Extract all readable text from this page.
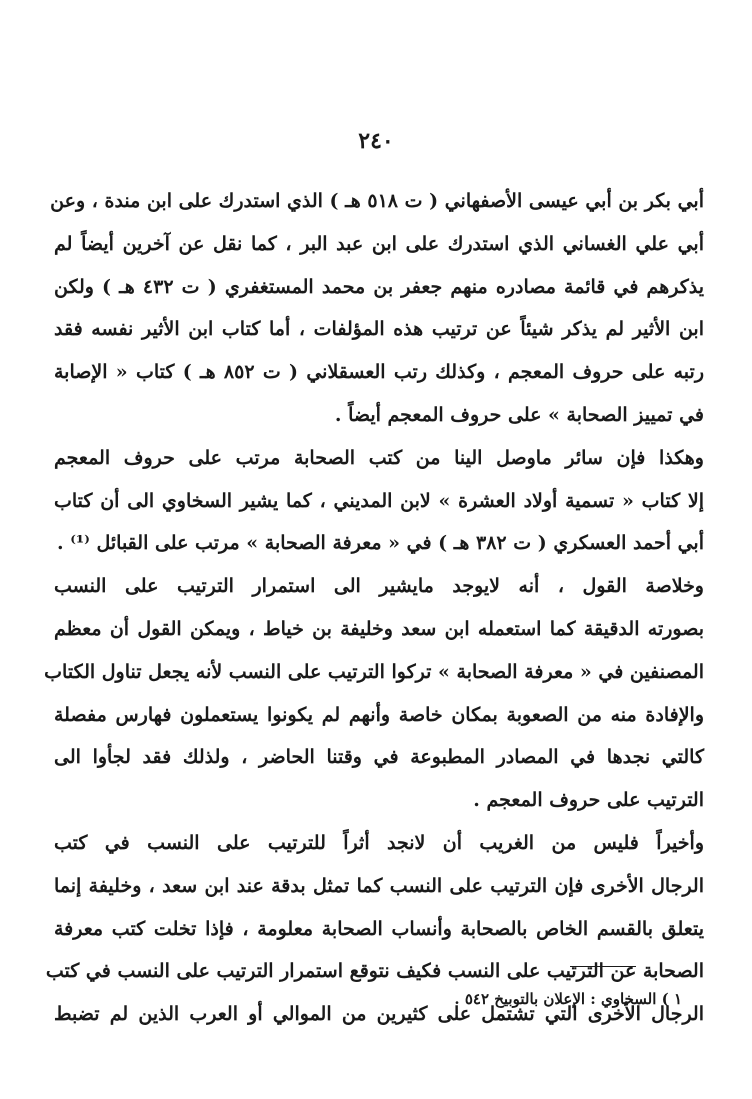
٢٤٠
أبي بكر بن أبي عيسى الأصفهاني ( ت ٥١٨ هـ ) الذي استدرك على ابن مندة ، وعن
أبي علي الغساني الذي استدرك على ابن عبد البر ، كما نقل عن آخرين أيضاً لم
يذكرهم في قائمة مصادره منهم جعفر بن محمد المستغفري ( ت ٤٣٢ هـ ) ولكن
ابن الأثير لم يذكر شيئاً عن ترتيب هذه المؤلفات ، أما كتاب ابن الأثير نفسه فقد
رتبه على حروف المعجم ، وكذلك رتب العسقلاني ( ت ٨٥٢ هـ ) كتاب « الإصابة
في تمييز الصحابة » على حروف المعجم أيضاً .
وهكذا فإن سائر ماوصل الينا من كتب الصحابة مرتب على حروف المعجم
إلا كتاب « تسمية أولاد العشرة » لابن المديني ، كما يشير السخاوي الى أن كتاب
أبي أحمد العسكري ( ت ٣٨٢ هـ ) في « معرفة الصحابة » مرتب على القبائل ⁽¹⁾ .
وخلاصة القول ، أنه لايوجد مايشير الى استمرار الترتيب على النسب
بصورته الدقيقة كما استعمله ابن سعد وخليفة بن خياط ، ويمكن القول أن معظم
المصنفين في « معرفة الصحابة » تركوا الترتيب على النسب لأنه يجعل تناول الكتاب
والإفادة منه من الصعوبة بمكان خاصة وأنهم لم يكونوا يستعملون فهارس مفصلة
كالتي نجدها في المصادر المطبوعة في وقتنا الحاضر ، ولذلك فقد لجأوا الى
الترتيب على حروف المعجم .
وأخيراً فليس من الغريب أن لانجد أثراً للترتيب على النسب في كتب
الرجال الأخرى فإن الترتيب على النسب كما تمثل بدقة عند ابن سعد ، وخليفة إنما
يتعلق بالقسم الخاص بالصحابة وأنساب الصحابة معلومة ، فإذا تخلت كتب معرفة
الصحابة عن الترتيب على النسب فكيف نتوقع استمرار الترتيب على النسب في كتب
الرجال الأخرى التي تشتمل على كثيرين من الموالي أو العرب الذين لم تضبط
١ ) السخاوي : الإعلان بالتوبيخ ٥٤٢ .
